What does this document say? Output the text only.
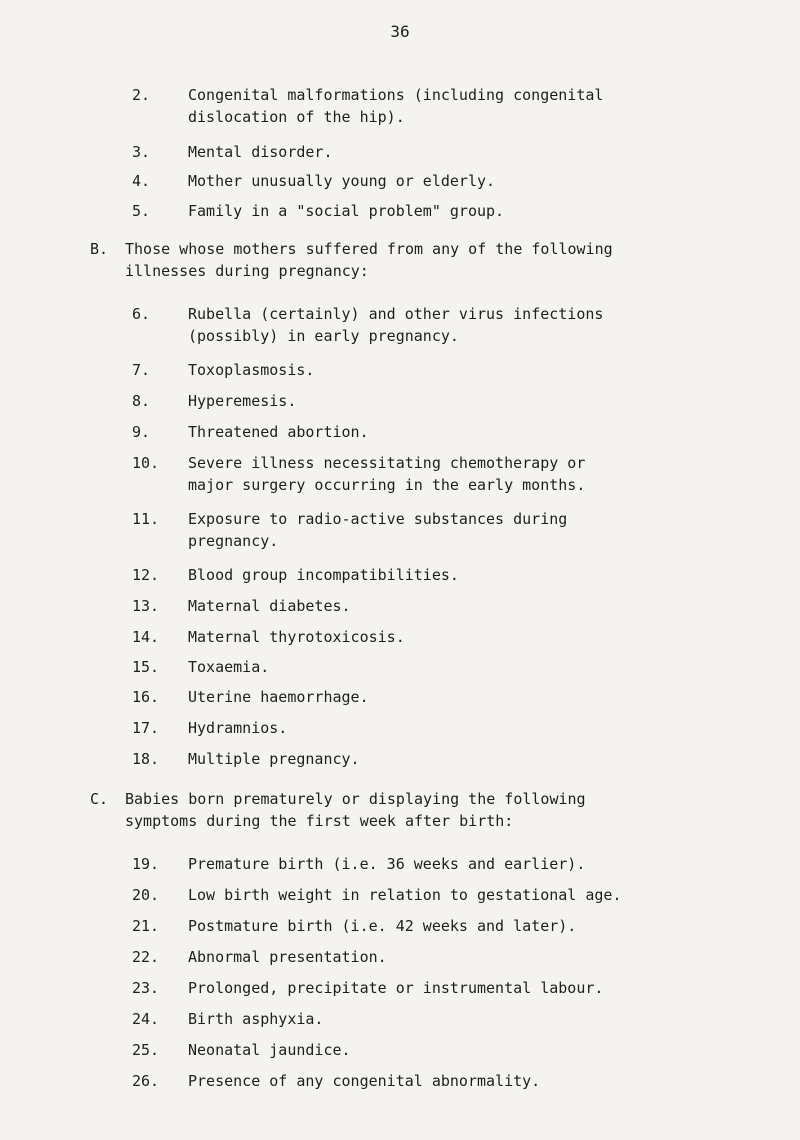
36
2.	Congenital malformations (including congenital
dislocation of the hip).
3.	Mental disorder.
4.	Mother unusually young or elderly.
5.	Family in a "social problem" group.
B. Those whose mothers suffered from any of the following
illnesses during pregnancy:
6.	Rubella (certainly) and other virus infections
(possibly) in early pregnancy.
7.	Toxoplasmosis.
8.	Hyperemesis.
9.	Threatened abortion.
10. Severe illness necessitating chemotherapy or
major surgery occurring in the early months.
11. Exposure to radio-active substances during
pregnancy.
12. Blood group incompatibilities.
13. Maternal diabetes.
14. Maternal thyrotoxicosis.
15. Toxaemia.
16. Uterine haemorrhage.
17. Hydramnios.
18. Multiple pregnancy.
C. Babies born prematurely or displaying the following
symptoms during the first week after birth:
19. Premature birth (i.e. 36 weeks and earlier).
20. Low birth weight in relation to gestational age.
21. Postmature birth (i.e. 42 weeks and later).
22. Abnormal presentation.
23. Prolonged, precipitate or instrumental labour.
24. Birth asphyxia.
25. Neonatal jaundice.
26. Presence of any congenital abnormality.
